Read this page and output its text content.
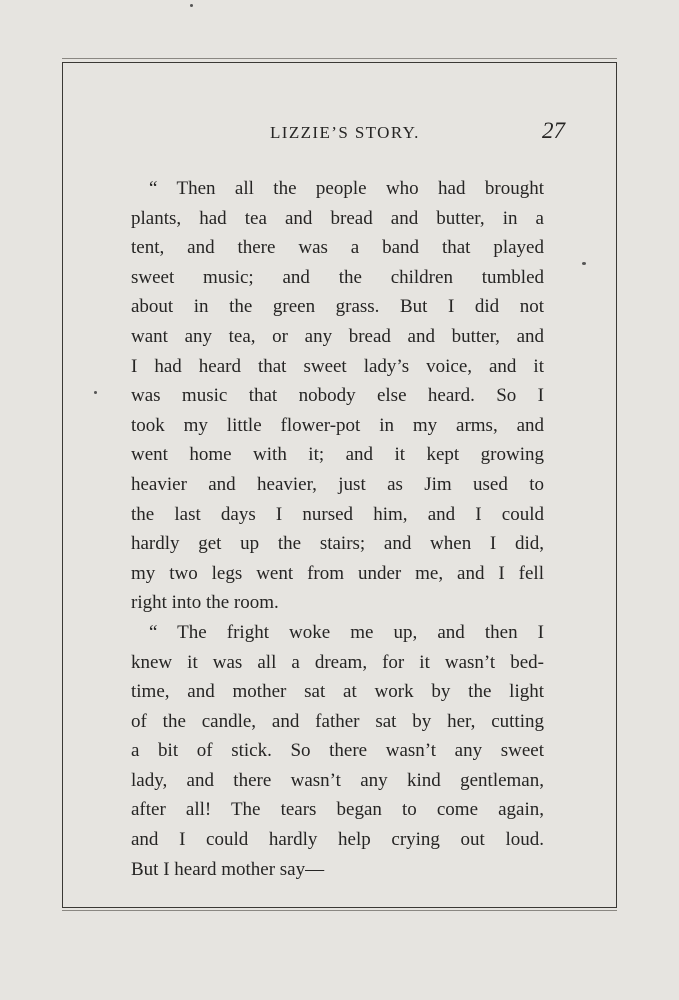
LIZZIE’S STORY.	27
“ Then all the people who had brought
plants, had tea and bread and butter, in a
tent, and there was a band that played
sweet music; and the children tumbled
about in the green grass. But I did not
want any tea, or any bread and butter, and
I had heard that sweet lady’s voice, and it
was music that nobody else heard. So I
took my little flower-pot in my arms, and
went home with it; and it kept growing
heavier and heavier, just as Jim used to
the last days I nursed him, and I could
hardly get up the stairs; and when I did,
my two legs went from under me, and I fell
right into the room.
“ The fright woke me up, and then I
knew it was all a dream, for it wasn’t bed-
time, and mother sat at work by the light
of the candle, and father sat by her, cutting
a bit of stick. So there wasn’t any sweet
lady, and there wasn’t any kind gentleman,
after all! The tears began to come again,
and I could hardly help crying out loud.
But I heard mother say—
